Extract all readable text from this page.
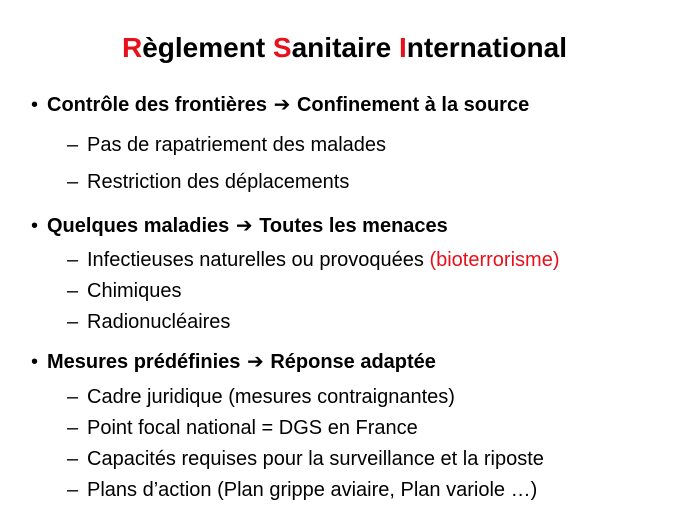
Règlement Sanitaire International
• Contrôle des frontières ➔ Confinement à la source
– Pas de rapatriement des malades
– Restriction des déplacements
• Quelques maladies ➔ Toutes les menaces
– Infectieuses naturelles ou provoquées (bioterrorisme)
– Chimiques
– Radionucléaires
• Mesures prédéfinies ➔ Réponse adaptée
– Cadre juridique (mesures contraignantes)
– Point focal national = DGS en France
– Capacités requises pour la surveillance et la riposte
– Plans d’action (Plan grippe aviaire, Plan variole …)
